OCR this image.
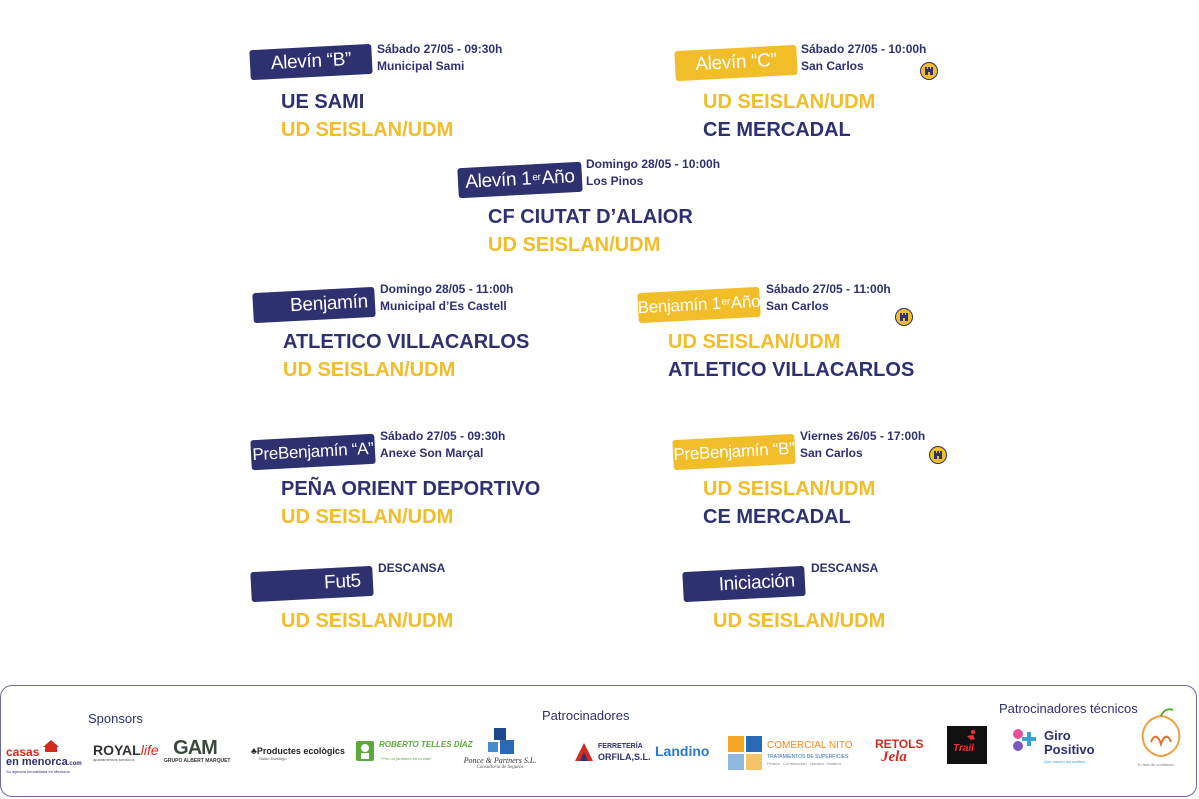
Alevín “B” Sábado 27/05 - 09:30h
Municipal Sami
UE SAMI
UD SEISLAN/UDM
Alevín “C”
Sábado 27/05 - 10:00h
San Carlos
UD SEISLAN/UDM
CE MERCADAL
Alevín 1er Año
Domingo 28/05 - 10:00h
Los Pinos
CF CIUTAT D’ALAIOR
UD SEISLAN/UDM
Benjamín
Domingo 28/05 - 11:00h
Municipal d’Es Castell
ATLETICO VILLACARLOS
UD SEISLAN/UDM
Benjamín 1er Año
Sábado 27/05 - 11:00h
San Carlos
UD SEISLAN/UDM
ATLETICO VILLACARLOS
PreBenjamín “A”
Sábado 27/05 - 09:30h
Anexe Son Marçal
PEÑA ORIENT DEPORTIVO
UD SEISLAN/UDM
PreBenjamín “B”
Viernes 26/05 - 17:00h
San Carlos
UD SEISLAN/UDM
CE MERCADAL
Fut5
DESCANSA
UD SEISLAN/UDM
Iniciación
DESCANSA
UD SEISLAN/UDM
Sponsors	Patrocinadores	Patrocinadores técnicos
casas
en menorca.com
Su agencia inmobiliaria en Menorca
ROYALlife
apartamentos turísticos
GAM
GRUPO ALBERT MARQUET
♣Productes ecològics
Santo Domingo
ROBERTO TELLES DÍAZ
“Pon un jardinero en tu vida”	Ponce & Partners S.L.
Consultoría de Seguros
FERRETERÍA
ORFILA,S.L. Landino	COMERCIAL NITO
TRATAMIENTOS DE SUPERFICIES
Pintura · Construcción · Náutica · Madera
RETOLS
Jela
Trail
Giro
Positivo
Que crecen tus sueños
Tu fisio de confianza
